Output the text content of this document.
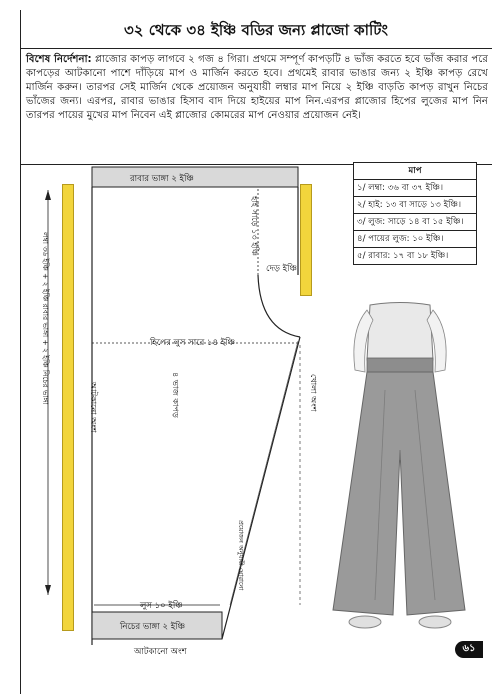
৩২ থেকে ৩৪ ইঞ্চি বডির জন্য প্লাজো কাটিং
বিশেষ নির্দেশনা: প্লাজোর কাপড় লাগবে ২ গজ ৪ গিরা। প্রথমে সম্পূর্ণ কাপড়টি ৪ ভাঁজ করতে হবে ভাঁজ করার পরে কাপড়ের আটকানো পাশে দাঁড়িয়ে মাপ ও মার্জিন করতে হবে। প্রথমেই রাবার ভাঙার জন্য ২ ইঞ্চি কাপড় রেখে মার্জিন করুন। তারপর সেই মার্জিন থেকে প্রয়োজন অনুযায়ী লম্বার মাপ নিয়ে ২ ইঞ্চি বাড়তি কাপড় রাখুন নিচের ভাঁজের জন্য। এরপর, রাবার ভাঙার হিসাব বাদ দিয়ে হাইয়ের মাপ নিন.এরপর প্লাজোর হিপের লুজের মাপ নিন তারপর পায়ের মুখের মাপ নিবেন এই প্লাজোর কোমরের মাপ নেওয়ার প্রয়োজন নেই।
রাবার ভাঙ্গা ২ ইঞ্চি
হাই সাড়ে ১৩ ইঞ্চি
দেড় ইঞ্চি
হিপের লুস সারে ১৪ ইঞ্চি
৪ ভাজ কাপড়
আটকানো অংশ	খোলা অংশ
লুস ১০ ইঞ্চি
নিচের ভাঙ্গা ২ ইঞ্চি
আটকানো অংশ
লম্বা ৩৬ ইঞ্চি + ২ ইঞ্চি রাবার ভাঙ্গা + ২ ইঞ্চি নিচের ভাঙ্গা
প্রয়োজন অনুযায়ী ঘোরানো
মাপ
১/ লম্বা: ৩৬ বা ৩৭ ইঞ্চি।
২/ হাই: ১৩ বা সাড়ে ১৩ ইঞ্চি।
৩/ লুজ: সাড়ে ১৪ বা ১৫ ইঞ্চি।
৪/ পায়ের লুজ: ১০ ইঞ্চি।
৫/ রাবার: ১৭ বা ১৮ ইঞ্চি।
৬১
